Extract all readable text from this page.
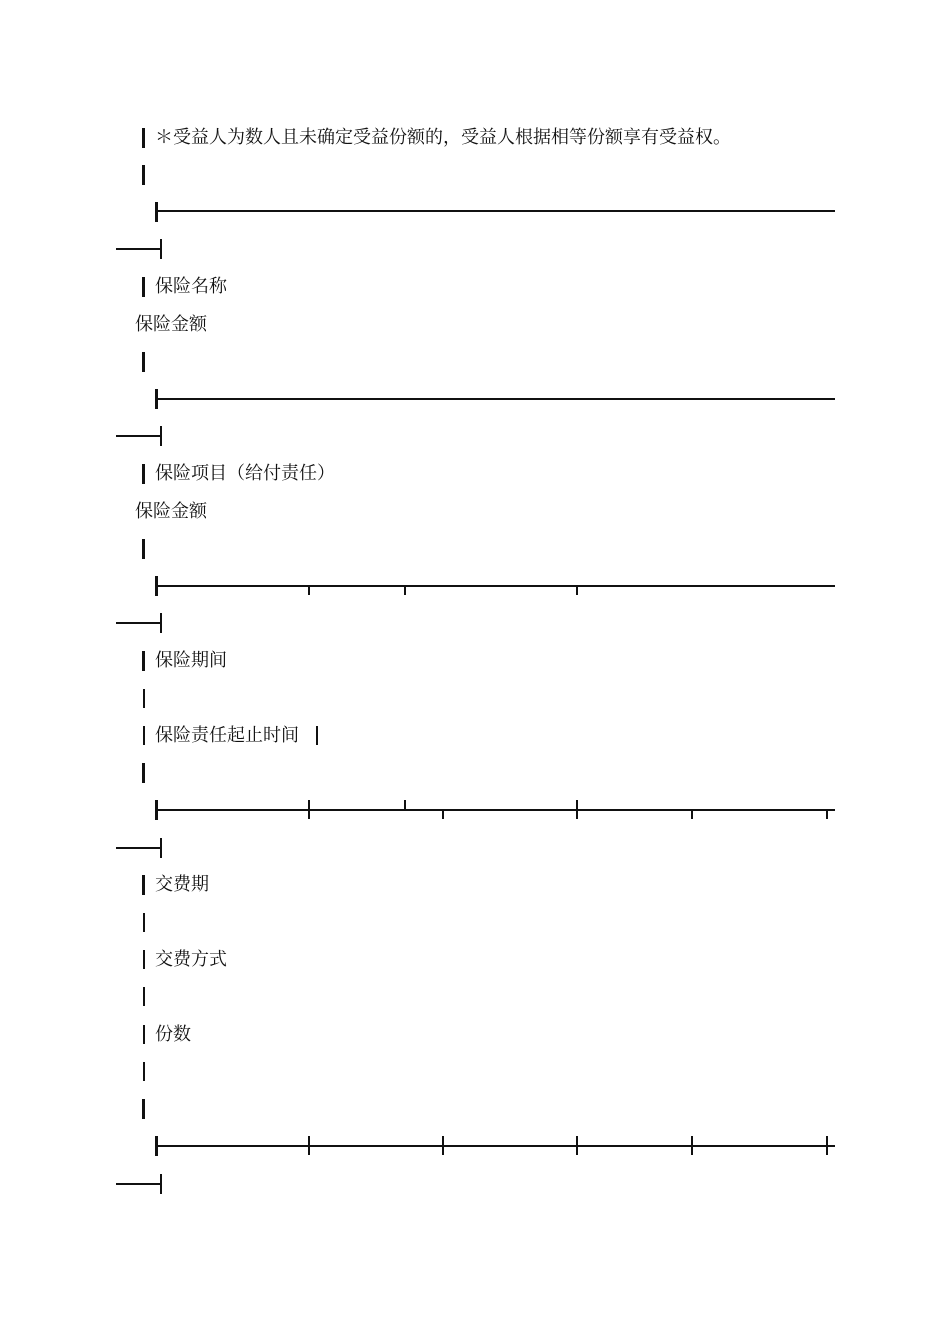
＊受益人为数人且未确定受益份额的，受益人根据相等份额享有受益权。
保险名称
保险金额
保险项目（给付责任）
保险金额
保险期间
保险责任起止时间
交费期
交费方式
份数
